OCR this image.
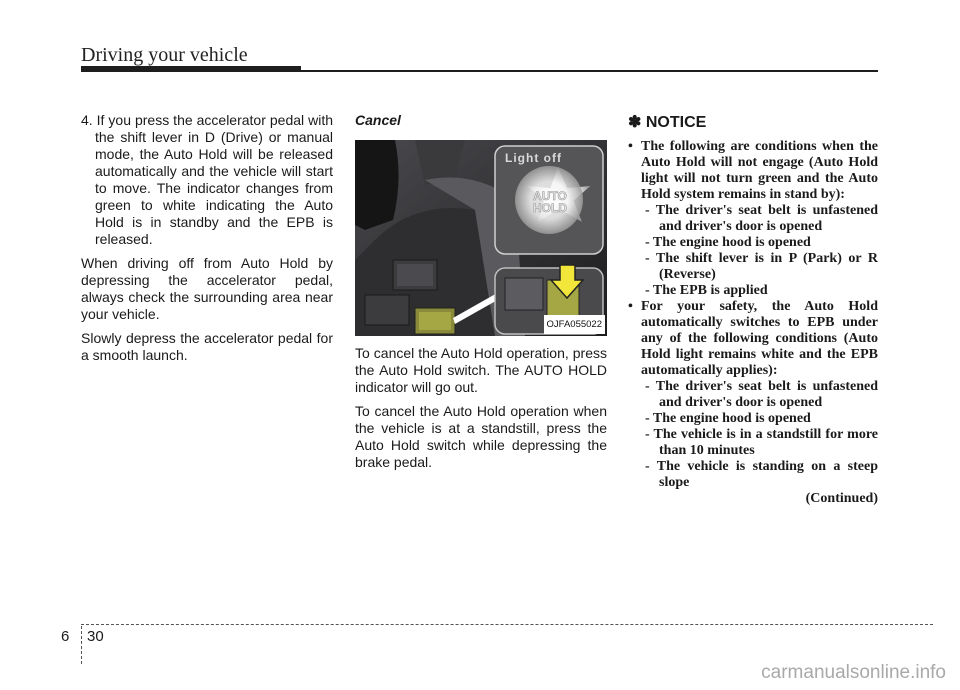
Driving your vehicle

4. If you press the accelerator pedal with the shift lever in D (Drive) or manual mode, the Auto Hold will be released automatically and the vehicle will start to move. The indicator changes from green to white indicating the Auto Hold is in standby and the EPB is released.

When driving off from Auto Hold by depressing the accelerator pedal, always check the surrounding area near your vehicle.

Slowly depress the accelerator pedal for a smooth launch.

Cancel
Light off
AUTO
HOLD
OJFA055022

To cancel the Auto Hold operation, press the Auto Hold switch. The AUTO HOLD indicator will go out.

To cancel the Auto Hold operation when the vehicle is at a standstill, press the Auto Hold switch while depressing the brake pedal.

✽ NOTICE

• The following are conditions when the Auto Hold will not engage (Auto Hold light will not turn green and the Auto Hold system remains in stand by):

- The driver's seat belt is unfastened and driver's door is opened

- The engine hood is opened

- The shift lever is in P (Park) or R (Reverse)

- The EPB is applied

• For your safety, the Auto Hold automatically switches to EPB under any of the following conditions (Auto Hold light remains white and the EPB automatically applies):

- The driver's seat belt is unfastened and driver's door is opened

- The engine hood is opened

- The vehicle is in a standstill for more than 10 minutes

- The vehicle is standing on a steep slope

(Continued)

6 30
carmanualsonline.info
